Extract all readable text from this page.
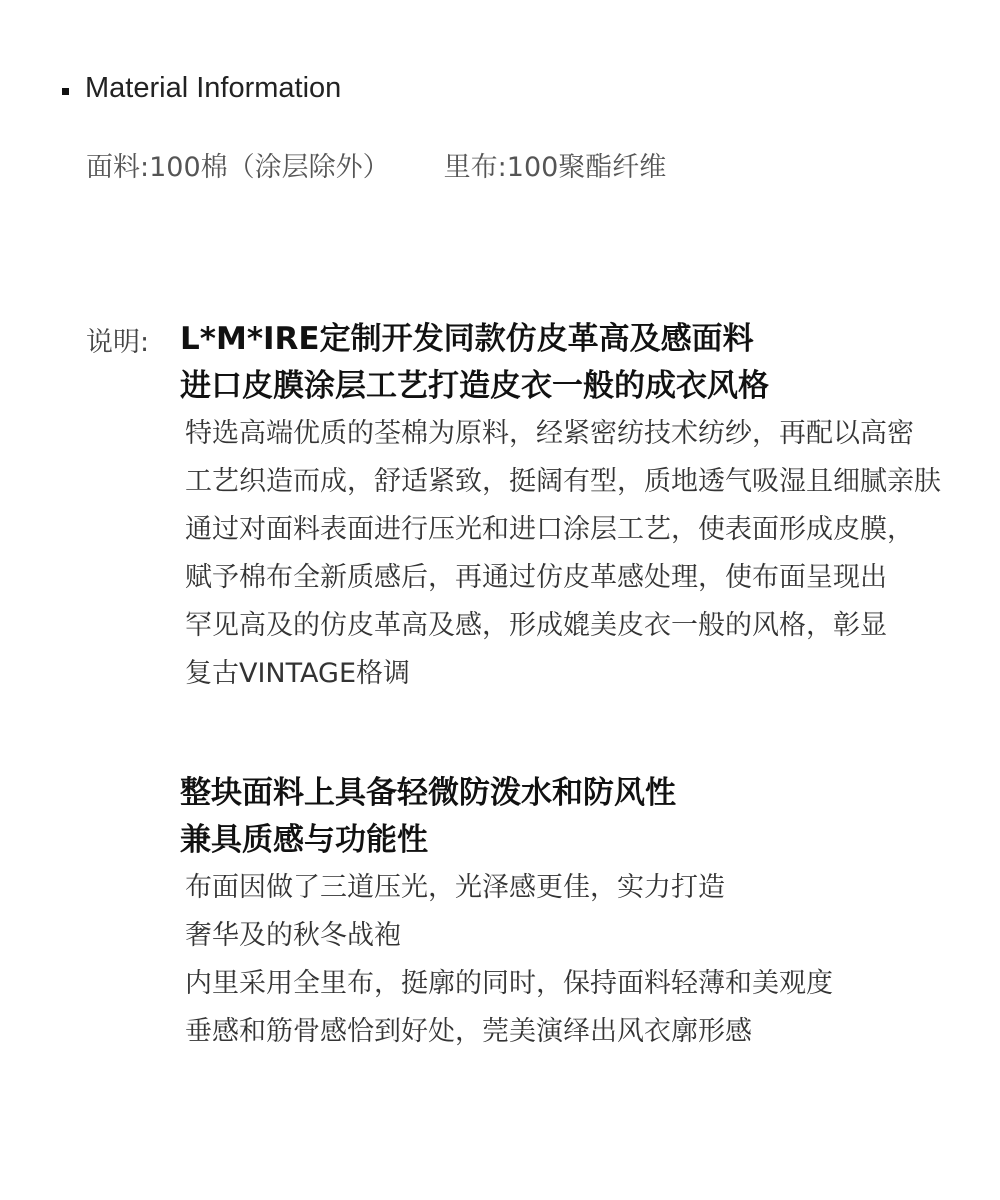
Material Information
面料: 100棉（涂层除外） 里布: 100聚酯纤维
说明: L*M*IRE定制开发同款仿皮革高及感面料
进口皮膜涂层工艺打造皮衣一般的成衣风格
特选高端优质的荃棉为原料，经紧密纺技术纺纱，再配以高密
工艺织造而成，舒适紧致，挺阔有型，质地透气吸湿且细腻亲肤
通过对面料表面进行压光和进口涂层工艺，使表面形成皮膜，
赋予棉布全新质感后，再通过仿皮革感处理，使布面呈现出
罕见高及的仿皮革高及感，形成媲美皮衣一般的风格，彰显
复古VINTAGE格调
整块面料上具备轻微防泼水和防风性
兼具质感与功能性
布面因做了三道压光，光泽感更佳，实力打造
奢华及的秋冬战袍
内里采用全里布，挺廓的同时，保持面料轻薄和美观度
垂感和筋骨感恰到好处，莞美演绎出风衣廓形感
